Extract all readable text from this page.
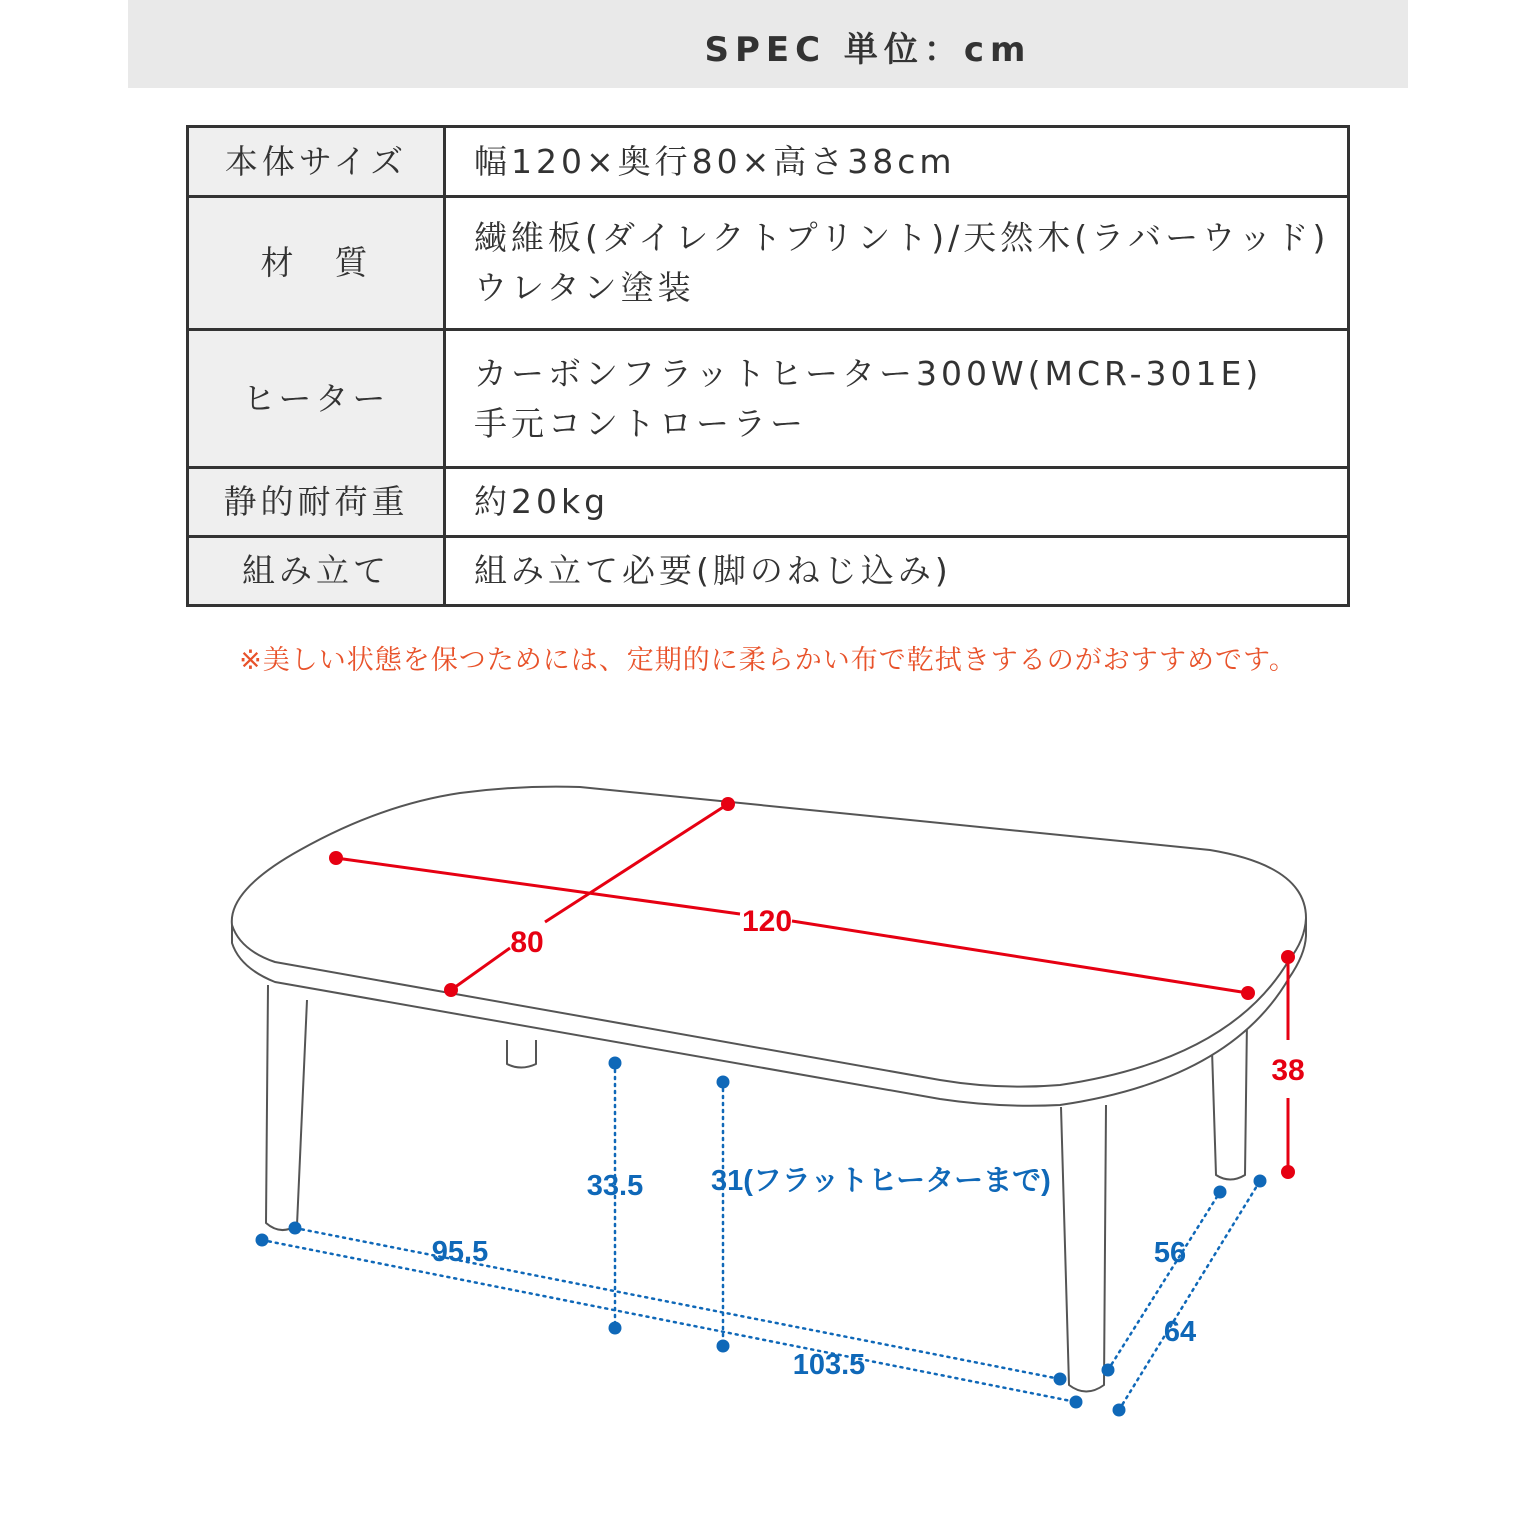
SPEC 単位：cm
本体サイズ	幅120×奥行80×高さ38cm

材　質	繊維板(ダイレクトプリント)/天然木(ラバーウッド)
ウレタン塗装

ヒーター	カーボンフラットヒーター300W(MCR-301E)
手元コントローラー

静的耐荷重	約20kg

組み立て	組み立て必要(脚のねじ込み)
※美しい状態を保つためには、定期的に柔らかい布で乾拭きするのがおすすめです。
120
80
38
95.5
103.5
56
64
33.5 31(フラットヒーターまで)
